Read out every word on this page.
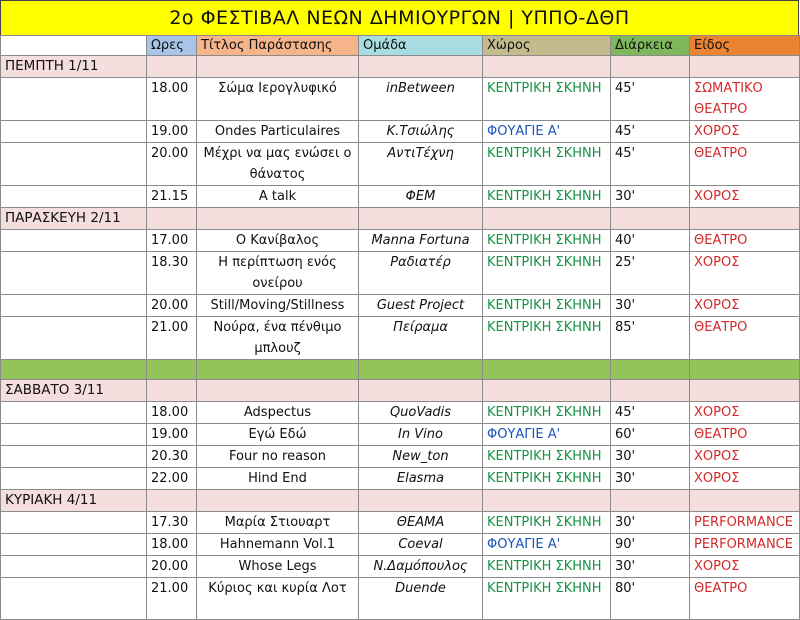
2ο ΦΕΣΤΙΒΑΛ ΝΕΩΝ ΔΗΜΙΟΥΡΓΩΝ | ΥΠΠΟ-ΔΘΠ
	Ωρες	Τίτλος Παράστασης	Ομάδα	Χώρος	Διάρκεια	Είδος
ΠΕΜΠΤΗ 1/11						
	18.00	Σώμα Ιερογλυφικό	inBetween	ΚΕΝΤΡΙΚΗ ΣΚΗΝΗ	45'	ΣΩΜΑΤΙΚΟ ΘΕΑΤΡΟ
	19.00	Ondes Particulaires	Κ.Τσιώλης	ΦΟΥΑΓΙΕ Α'	45'	ΧΟΡΟΣ
	20.00	Μέχρι να μας ενώσει ο θάνατος	ΑντιΤέχνη	ΚΕΝΤΡΙΚΗ ΣΚΗΝΗ	45'	ΘΕΑΤΡΟ
	21.15	A talk	ΦΕΜ	ΚΕΝΤΡΙΚΗ ΣΚΗΝΗ	30'	ΧΟΡΟΣ
ΠΑΡΑΣΚΕΥΗ 2/11						
	17.00	Ο Κανίβαλος	Manna Fortuna	ΚΕΝΤΡΙΚΗ ΣΚΗΝΗ	40'	ΘΕΑΤΡΟ
	18.30	Η περίπτωση ενός ονείρου	Ραδιατέρ	ΚΕΝΤΡΙΚΗ ΣΚΗΝΗ	25'	ΧΟΡΟΣ
	20.00	Still/Moving/Stillness	Guest Project	ΚΕΝΤΡΙΚΗ ΣΚΗΝΗ	30'	ΧΟΡΟΣ
	21.00	Νούρα, ένα πένθιμο μπλουζ	Πείραμα	ΚΕΝΤΡΙΚΗ ΣΚΗΝΗ	85'	ΘΕΑΤΡΟ

ΣΑΒΒΑΤΟ 3/11						
	18.00	Adspectus	QuoVadis	ΚΕΝΤΡΙΚΗ ΣΚΗΝΗ	45'	ΧΟΡΟΣ
	19.00	Εγώ Εδώ	In Vino	ΦΟΥΑΓΙΕ Α'	60'	ΘΕΑΤΡΟ
	20.30	Four no reason	New_ton	ΚΕΝΤΡΙΚΗ ΣΚΗΝΗ	30'	ΧΟΡΟΣ
	22.00	Hind End	Elasma	ΚΕΝΤΡΙΚΗ ΣΚΗΝΗ	30'	ΧΟΡΟΣ
ΚΥΡΙΑΚΗ 4/11						
	17.30	Μαρία Στιουαρτ	ΘΕΑΜΑ	ΚΕΝΤΡΙΚΗ ΣΚΗΝΗ	30'	PERFORMANCE
	18.00	Hahnemann Vol.1	Coeval	ΦΟΥΑΓΙΕ Α'	90'	PERFORMANCE
	20.00	Whose Legs	Ν.Δαμόπουλος	ΚΕΝΤΡΙΚΗ ΣΚΗΝΗ	30'	ΧΟΡΟΣ
	21.00	Κύριος και κυρία Λοτ	Duende	ΚΕΝΤΡΙΚΗ ΣΚΗΝΗ	80'	ΘΕΑΤΡΟ
